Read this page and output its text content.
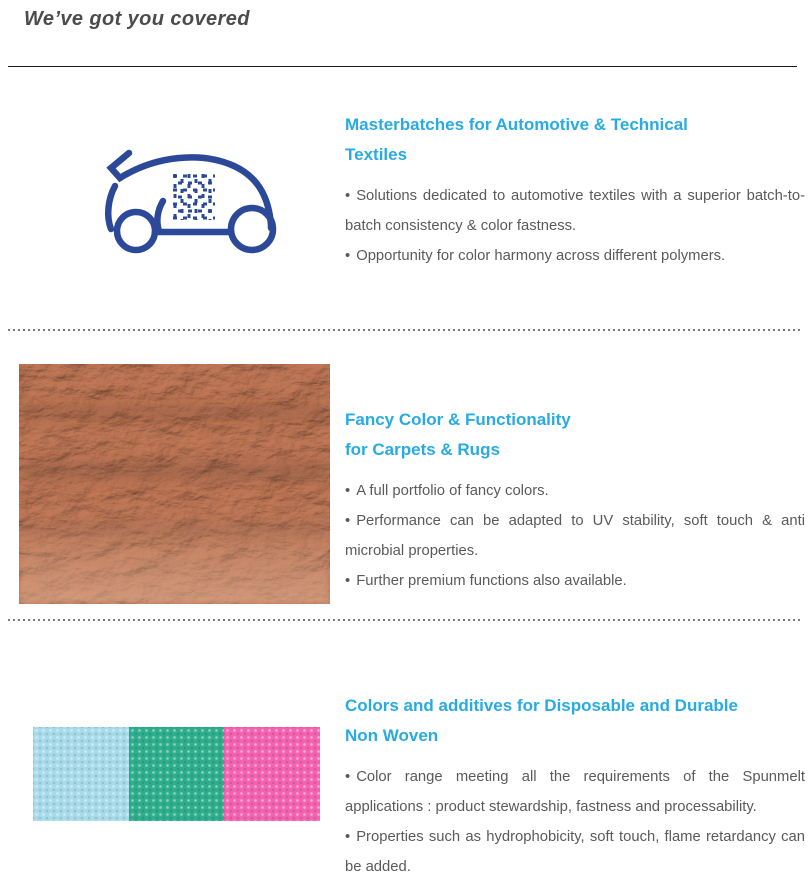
We’ve got you covered
Masterbatches for Automotive & Technical
Textiles

• Solutions dedicated to automotive textiles with a superior batch-to-batch consistency & color fastness.

• Opportunity for color harmony across different polymers.

Fancy Color & Functionality
for Carpets & Rugs

• A full portfolio of fancy colors.

• Performance can be adapted to UV stability, soft touch & anti microbial properties.

• Further premium functions also available.

Colors and additives for Disposable and Durable
Non Woven

• Color range meeting all the requirements of the Spunmelt applications : product stewardship, fastness and processability.

• Properties such as hydrophobicity, soft touch, flame retardancy can be added.
